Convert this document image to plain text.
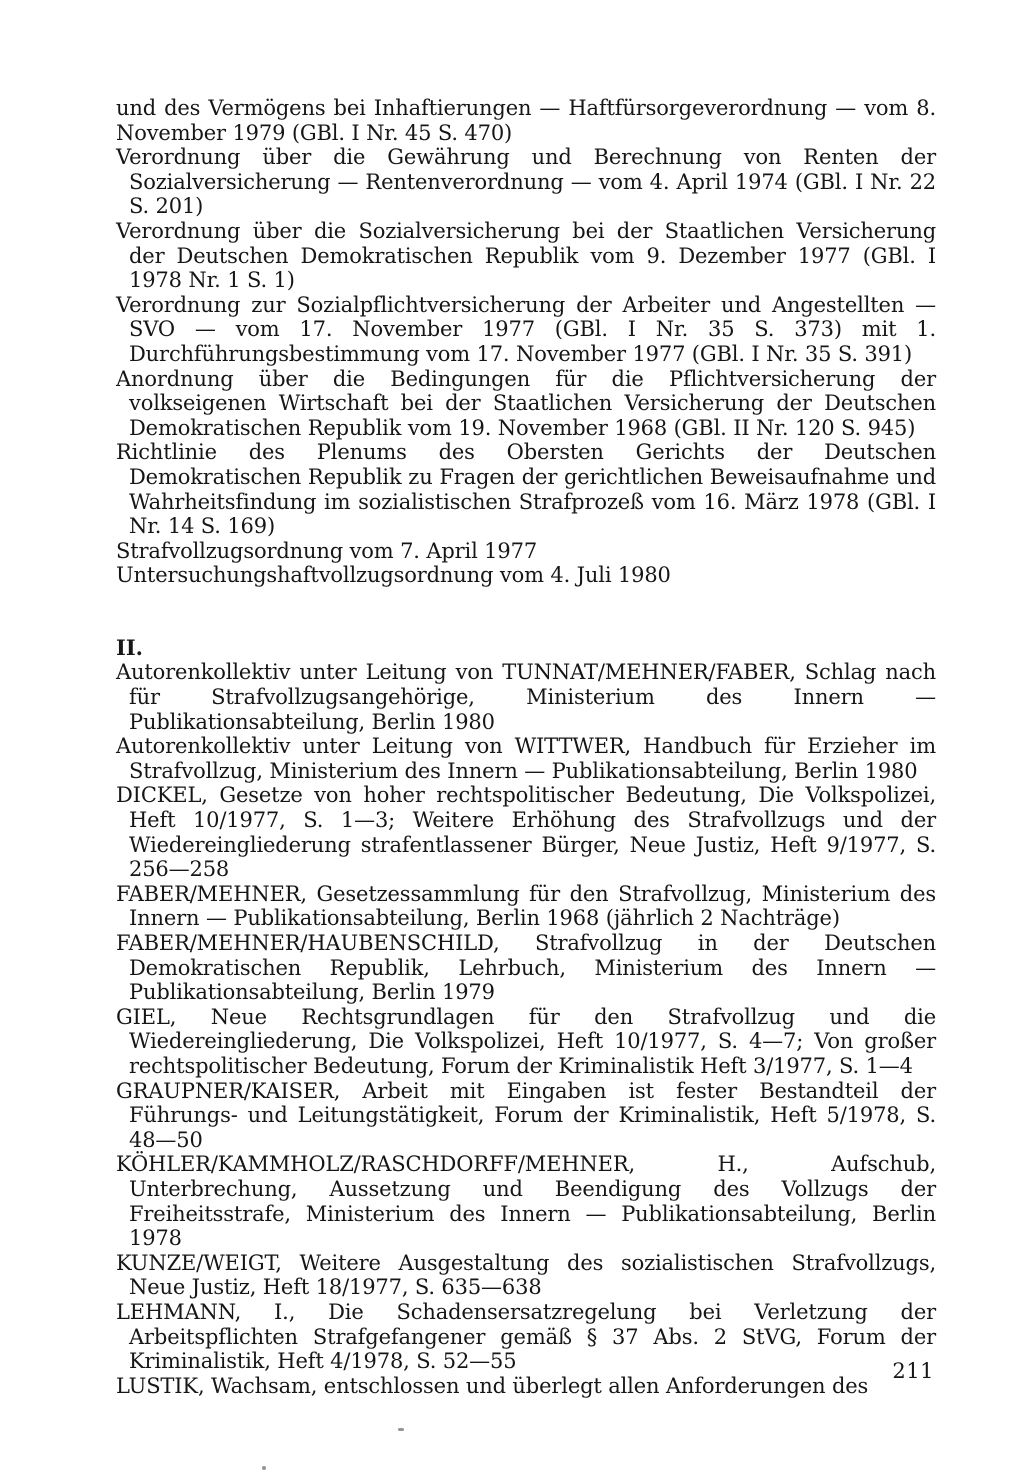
und des Vermögens bei Inhaftierungen — Haftfürsorgeverordnung — vom 8. November 1979 (GBl. I Nr. 45 S. 470)

Verordnung über die Gewährung und Berechnung von Renten der Sozialversicherung — Rentenverordnung — vom 4. April 1974 (GBl. I Nr. 22 S. 201)

Verordnung über die Sozialversicherung bei der Staatlichen Versicherung der Deutschen Demokratischen Republik vom 9. Dezember 1977 (GBl. I 1978 Nr. 1 S. 1)

Verordnung zur Sozialpflichtversicherung der Arbeiter und Angestellten — SVO — vom 17. November 1977 (GBl. I Nr. 35 S. 373) mit 1. Durchführungsbestimmung vom 17. November 1977 (GBl. I Nr. 35 S. 391)

Anordnung über die Bedingungen für die Pflichtversicherung der volkseigenen Wirtschaft bei der Staatlichen Versicherung der Deutschen Demokratischen Republik vom 19. November 1968 (GBl. II Nr. 120 S. 945)

Richtlinie des Plenums des Obersten Gerichts der Deutschen Demokratischen Republik zu Fragen der gerichtlichen Beweisaufnahme und Wahrheitsfindung im sozialistischen Strafprozeß vom 16. März 1978 (GBl. I Nr. 14 S. 169)

Strafvollzugsordnung vom 7. April 1977

Untersuchungshaftvollzugsordnung vom 4. Juli 1980

II.

Autorenkollektiv unter Leitung von TUNNAT/MEHNER/FABER, Schlag nach für Strafvollzugsangehörige, Ministerium des Innern — Publikationsabteilung, Berlin 1980

Autorenkollektiv unter Leitung von WITTWER, Handbuch für Erzieher im Strafvollzug, Ministerium des Innern — Publikationsabteilung, Berlin 1980

DICKEL, Gesetze von hoher rechtspolitischer Bedeutung, Die Volkspolizei, Heft 10/1977, S. 1—3; Weitere Erhöhung des Strafvollzugs und der Wiedereingliederung strafentlassener Bürger, Neue Justiz, Heft 9/1977, S. 256—258

FABER/MEHNER, Gesetzessammlung für den Strafvollzug, Ministerium des Innern — Publikationsabteilung, Berlin 1968 (jährlich 2 Nachträge)

FABER/MEHNER/HAUBENSCHILD, Strafvollzug in der Deutschen Demokratischen Republik, Lehrbuch, Ministerium des Innern — Publikationsabteilung, Berlin 1979

GIEL, Neue Rechtsgrundlagen für den Strafvollzug und die Wiedereingliederung, Die Volkspolizei, Heft 10/1977, S. 4—7; Von großer rechtspolitischer Bedeutung, Forum der Kriminalistik Heft 3/1977, S. 1—4

GRAUPNER/KAISER, Arbeit mit Eingaben ist fester Bestandteil der Führungs- und Leitungstätigkeit, Forum der Kriminalistik, Heft 5/1978, S. 48—50

KÖHLER/KAMMHOLZ/RASCHDORFF/MEHNER, H., Aufschub, Unterbrechung, Aussetzung und Beendigung des Vollzugs der Freiheitsstrafe, Ministerium des Innern — Publikationsabteilung, Berlin 1978

KUNZE/WEIGT, Weitere Ausgestaltung des sozialistischen Strafvollzugs, Neue Justiz, Heft 18/1977, S. 635—638

LEHMANN, I., Die Schadensersatzregelung bei Verletzung der Arbeitspflichten Strafgefangener gemäß § 37 Abs. 2 StVG, Forum der Kriminalistik, Heft 4/1978, S. 52—55

LUSTIK, Wachsam, entschlossen und überlegt allen Anforderungen des

211
